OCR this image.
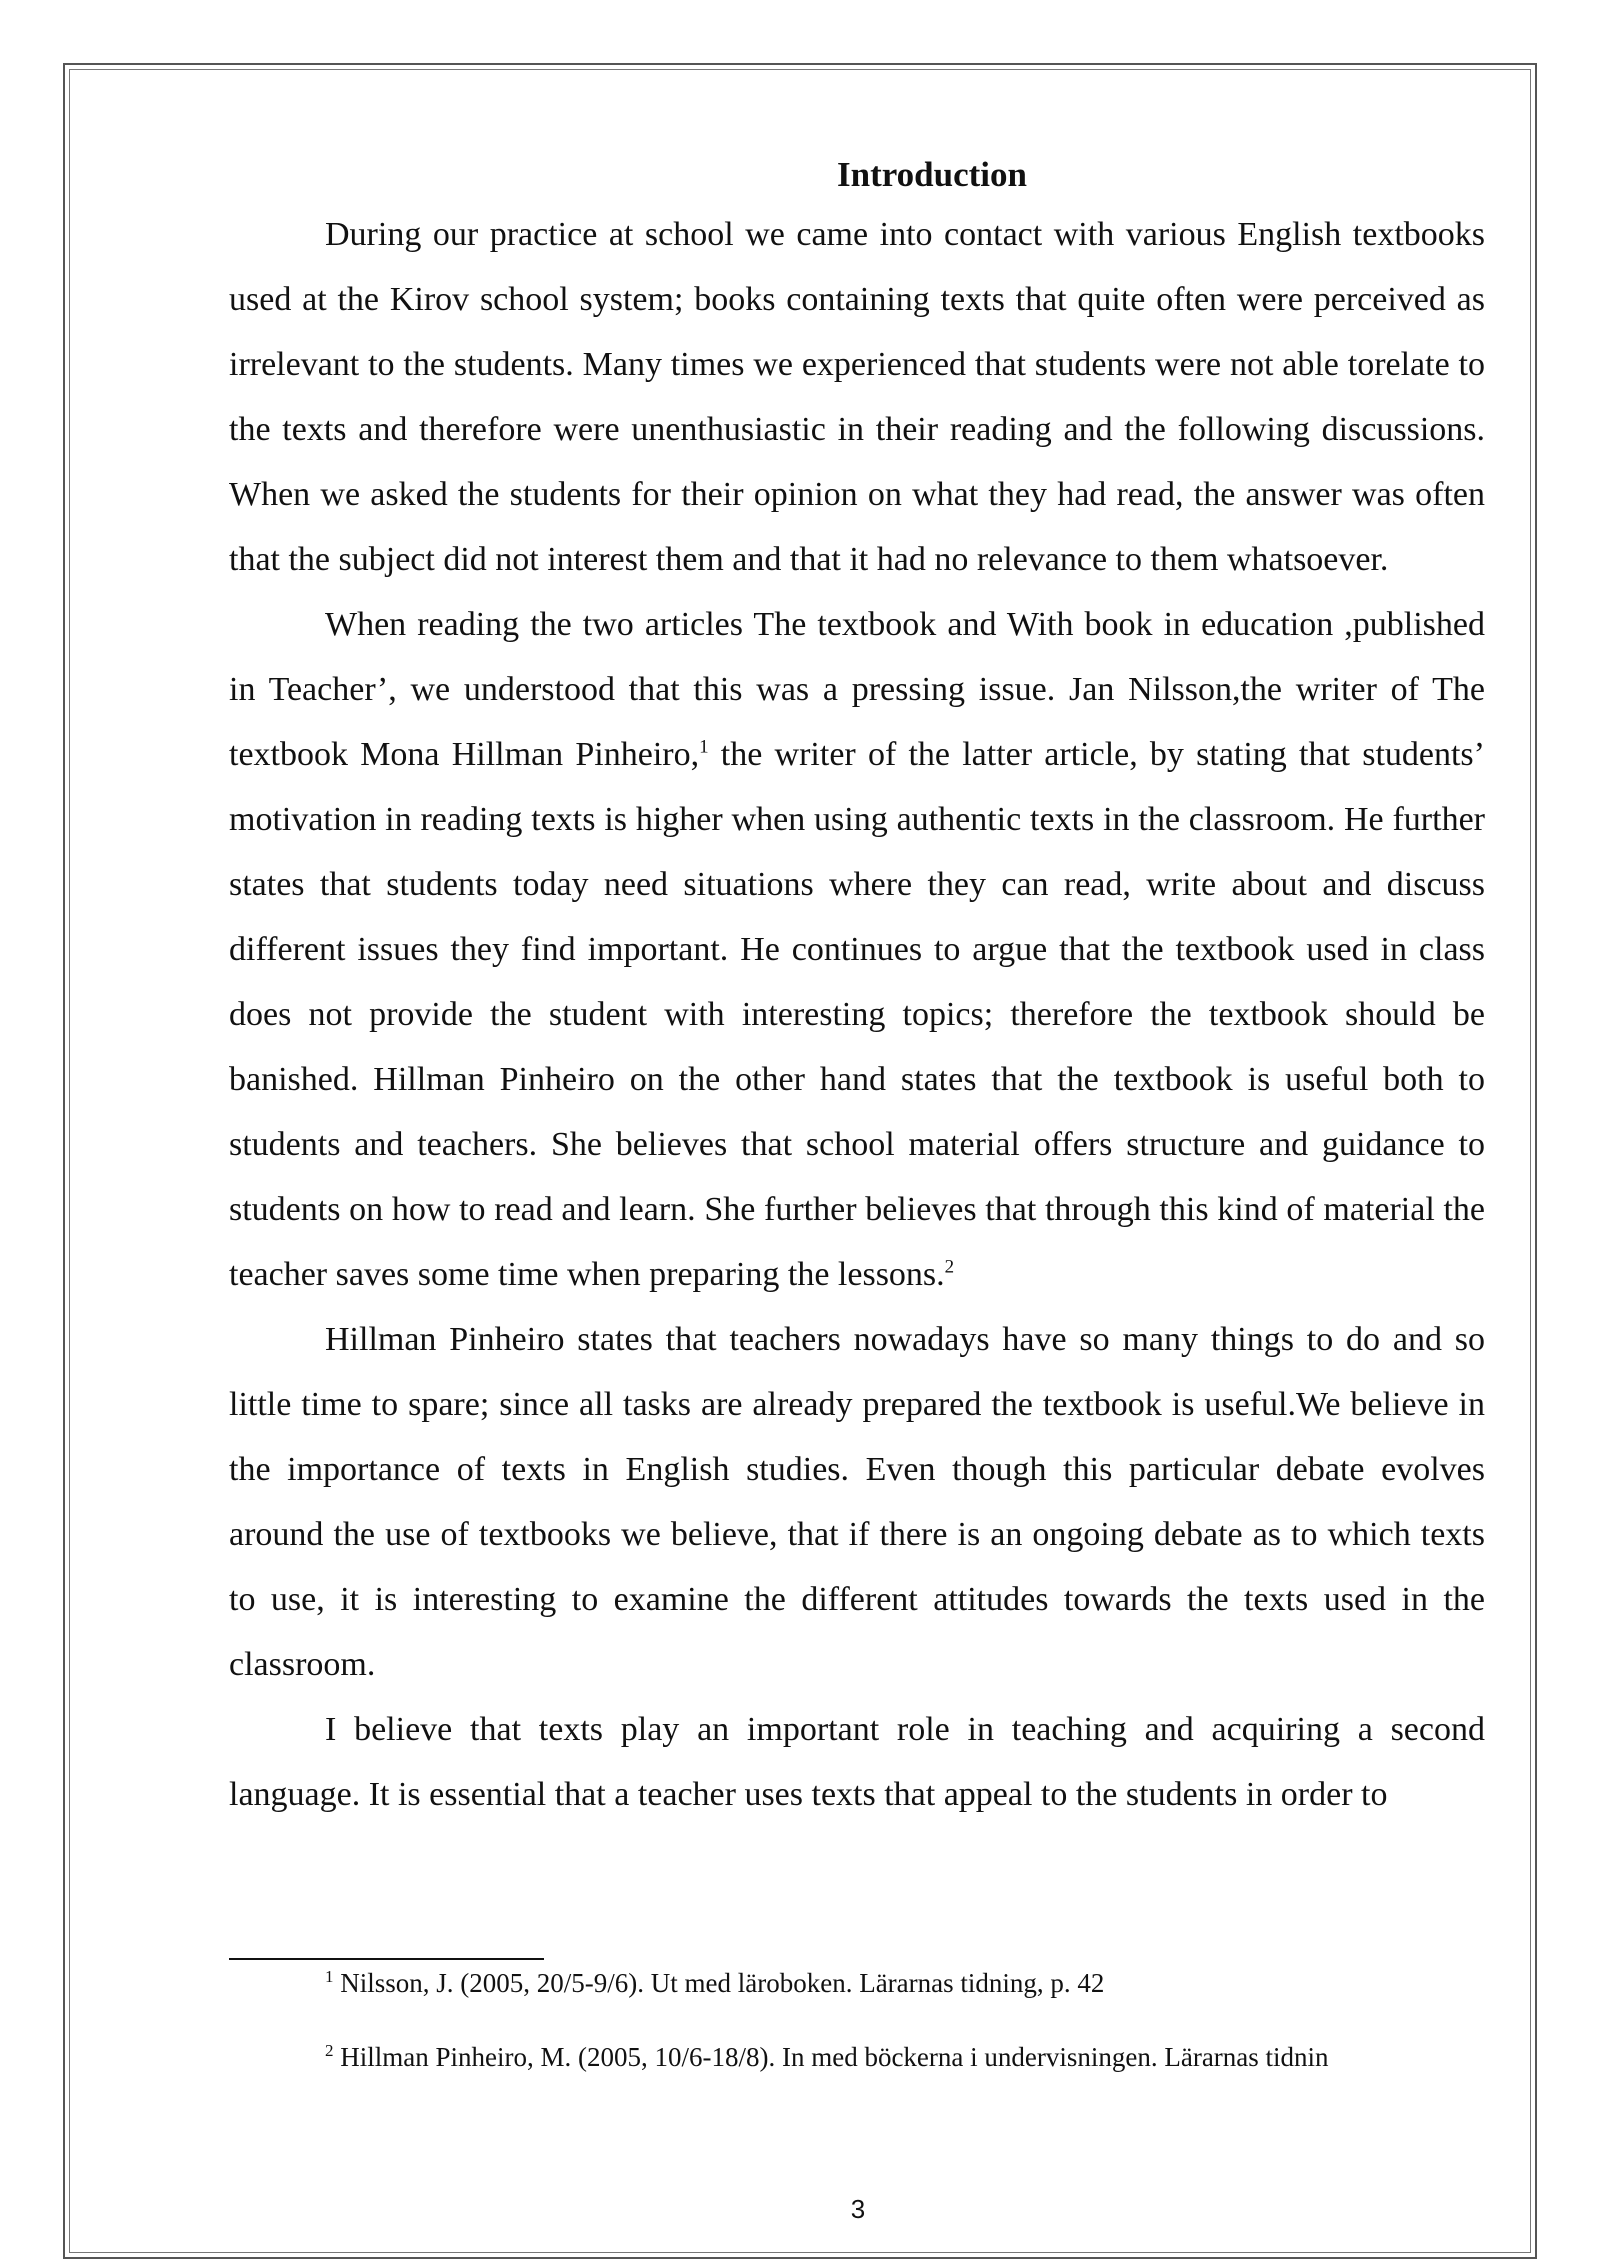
Introduction

During our practice at school we came into contact with various English textbooks used at the Kirov school system; books containing texts that quite often were perceived as irrelevant to the students. Many times we experienced that students were not able torelate to the texts and therefore were unenthusiastic in their reading and the following discussions. When we asked the students for their opinion on what they had read, the answer was often that the subject did not interest them and that it had no relevance to them whatsoever.

When reading the two articles The textbook and With book in education ,published in Teacher’, we understood that this was a pressing issue. Jan Nilsson,the writer of The textbook Mona Hillman Pinheiro,$^1$ the writer of the latter article, by stating that students’ motivation in reading texts is higher when using authentic texts in the classroom. He further states that students today need situations where they can read, write about and discuss different issues they find important. He continues to argue that the textbook used in class does not provide the student with interesting topics; therefore the textbook should be banished. Hillman Pinheiro on the other hand states that the textbook is useful both to students and teachers. She believes that school material offers structure and guidance to students on how to read and learn. She further believes that through this kind of material the teacher saves some time when preparing the lessons.$^2$

Hillman Pinheiro states that teachers nowadays have so many things to do and so little time to spare; since all tasks are already prepared the textbook is useful.We believe in the importance of texts in English studies. Even though this particular debate evolves around the use of textbooks we believe, that if there is an ongoing debate as to which texts to use, it is interesting to examine the different attitudes towards the texts used in the classroom.

I believe that texts play an important role in teaching and acquiring a second language. It is essential that a teacher uses texts that appeal to the students in order to

$^1$ Nilsson, J. (2005, 20/5-9/6). Ut med läroboken. Lärarnas tidning, p. 42

$^2$ Hillman Pinheiro, M. (2005, 10/6-18/8). In med böckerna i undervisningen. Lärarnas tidnin

3
